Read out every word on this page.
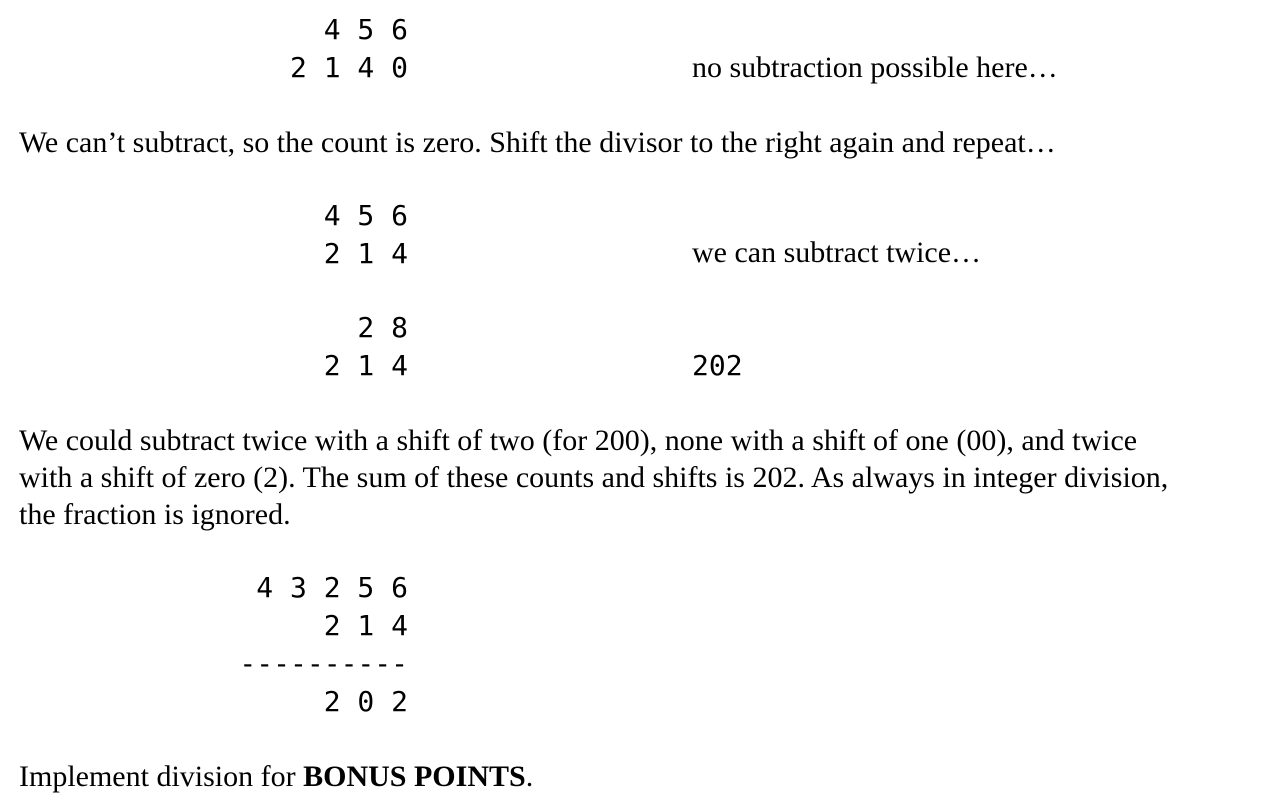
4 5 6
2 1 4 0	no subtraction possible here…
We can’t subtract, so the count is zero. Shift the divisor to the right again and repeat…
4 5 6
2 1 4	we can subtract twice…
2 8
2 1 4	202
We could subtract twice with a shift of two (for 200), none with a shift of one (00), and twice
with a shift of zero (2). The sum of these counts and shifts is 202. As always in integer division,
the fraction is ignored.
4 3 2 5 6
2 1 4
----------
2 0 2
Implement division for BONUS POINTS.
